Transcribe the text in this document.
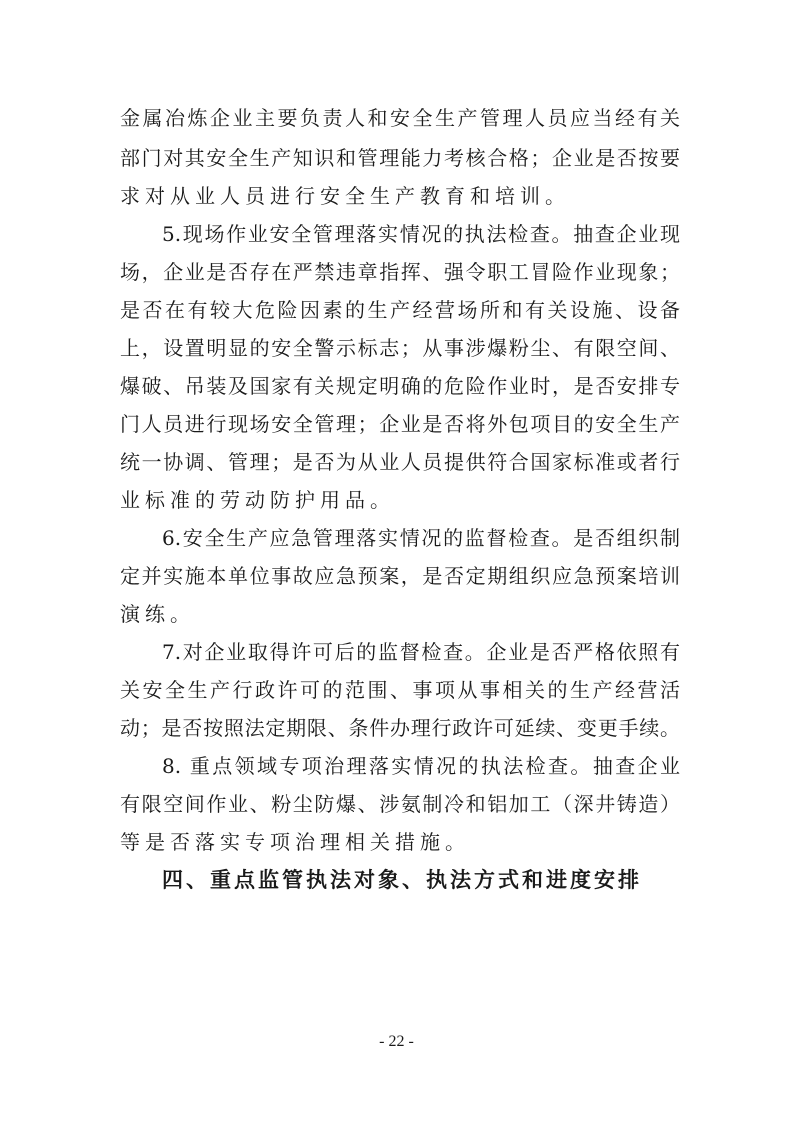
金属冶炼企业主要负责人和安全生产管理人员应当经有关
部门对其安全生产知识和管理能力考核合格；企业是否按要
求对从业人员进行安全生产教育和培训。
5.现场作业安全管理落实情况的执法检查。抽查企业现
场，企业是否存在严禁违章指挥、强令职工冒险作业现象；
是否在有较大危险因素的生产经营场所和有关设施、设备
上，设置明显的安全警示标志；从事涉爆粉尘、有限空间、
爆破、吊装及国家有关规定明确的危险作业时，是否安排专
门人员进行现场安全管理；企业是否将外包项目的安全生产
统一协调、管理；是否为从业人员提供符合国家标准或者行
业标准的劳动防护用品。
6.安全生产应急管理落实情况的监督检查。是否组织制
定并实施本单位事故应急预案，是否定期组织应急预案培训
演练。
7.对企业取得许可后的监督检查。企业是否严格依照有
关安全生产行政许可的范围、事项从事相关的生产经营活
动；是否按照法定期限、条件办理行政许可延续、变更手续。
8. 重点领域专项治理落实情况的执法检查。抽查企业
有限空间作业、粉尘防爆、涉氨制冷和铝加工（深井铸造）
等是否落实专项治理相关措施。
四、重点监管执法对象、执法方式和进度安排
- 22 -
